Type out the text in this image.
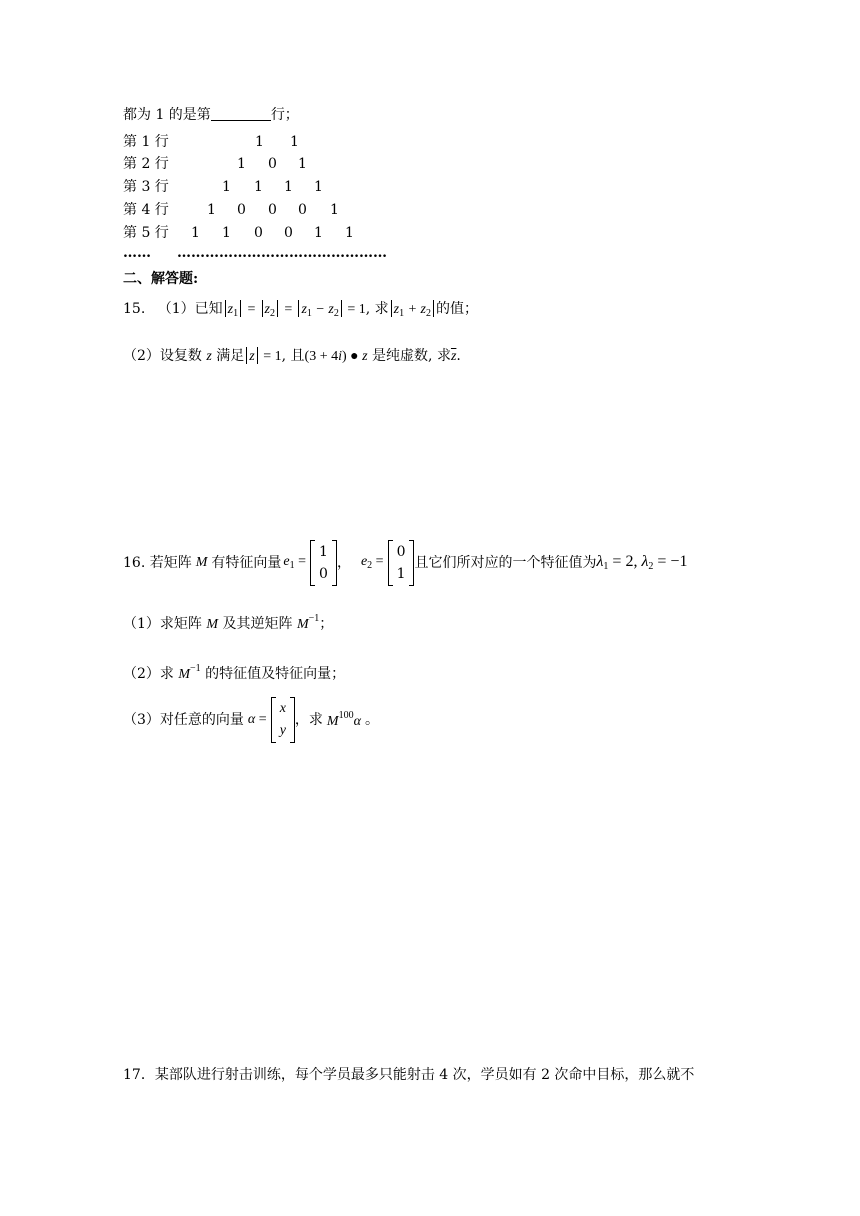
都为 1 的是第	行；
第 1 行	1 1
第 2 行	1 0 1
第 3 行	1 1 1 1
第 4 行	1 0 0 0 1
第 5 行 1 1 0 0 1 1
…… ………………………………………
二、解答题:
15. （1）已知 $z_1 = z_2 = z_1 - z_2 = 1$, 求 $z_1 + z_2$ 的值；
（2）设复数 z 满足 z = 1, 且(3 + 4i) ● z 是纯虚数, 求$\overline{z}$.
16. 若矩阵 M 有特征向量 $e_1$ =
1
0
， $e_2$ =
0
1
且它们所对应的一个特征值为 $\lambda_1 = 2$, $\lambda_2 = -1$
（1）求矩阵 M 及其逆矩阵 $M^{-1}$；
（2）求 $M^{-1}$ 的特征值及特征向量；
（3）对任意的向量 α =
x
y
，求 $M^{100}\alpha$ 。
17．某部队进行射击训练，每个学员最多只能射击 4 次，学员如有 2 次命中目标，那么就不
